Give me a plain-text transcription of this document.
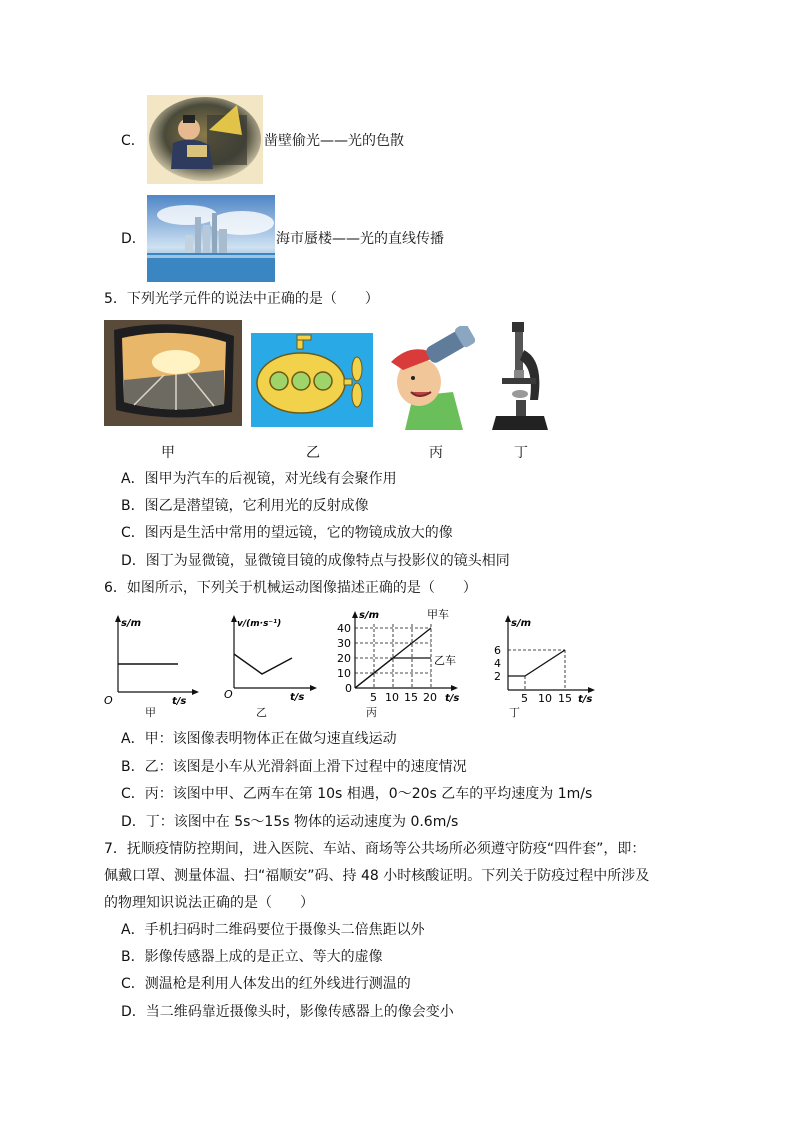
C．	凿壁偷光——光的色散
D．	海市蜃楼——光的直线传播
5．下列光学元件的说法中正确的是（　　）
甲	乙	丙	丁
A．图甲为汽车的后视镜，对光线有会聚作用
B．图乙是潜望镜，它利用光的反射成像
C．图丙是生活中常用的望远镜，它的物镜成放大的像
D．图丁为显微镜，显微镜目镜的成像特点与投影仪的镜头相同
6．如图所示，下列关于机械运动图像描述正确的是（　　）
s/m
t/s
O
甲
v/(m·s⁻¹)
t/s
O
乙
s/m	甲车
乙车
40
30
20
10
0
5 10 15 20 t/s
丙
s/m
6
4
2
5 10 15 t/s
丁
A．甲：该图像表明物体正在做匀速直线运动
B．乙：该图是小车从光滑斜面上滑下过程中的速度情况
C．丙：该图中甲、乙两车在第 10s 相遇，0～20s 乙车的平均速度为 1m/s
D．丁：该图中在 5s～15s 物体的运动速度为 0.6m/s
7．抚顺疫情防控期间，进入医院、车站、商场等公共场所必须遵守防疫“四件套”，即：
佩戴口罩、测量体温、扫“福顺安”码、持 48 小时核酸证明。下列关于防疫过程中所涉及
的物理知识说法正确的是（　　）
A．手机扫码时二维码要位于摄像头二倍焦距以外
B．影像传感器上成的是正立、等大的虚像
C．测温枪是利用人体发出的红外线进行测温的
D．当二维码靠近摄像头时，影像传感器上的像会变小
